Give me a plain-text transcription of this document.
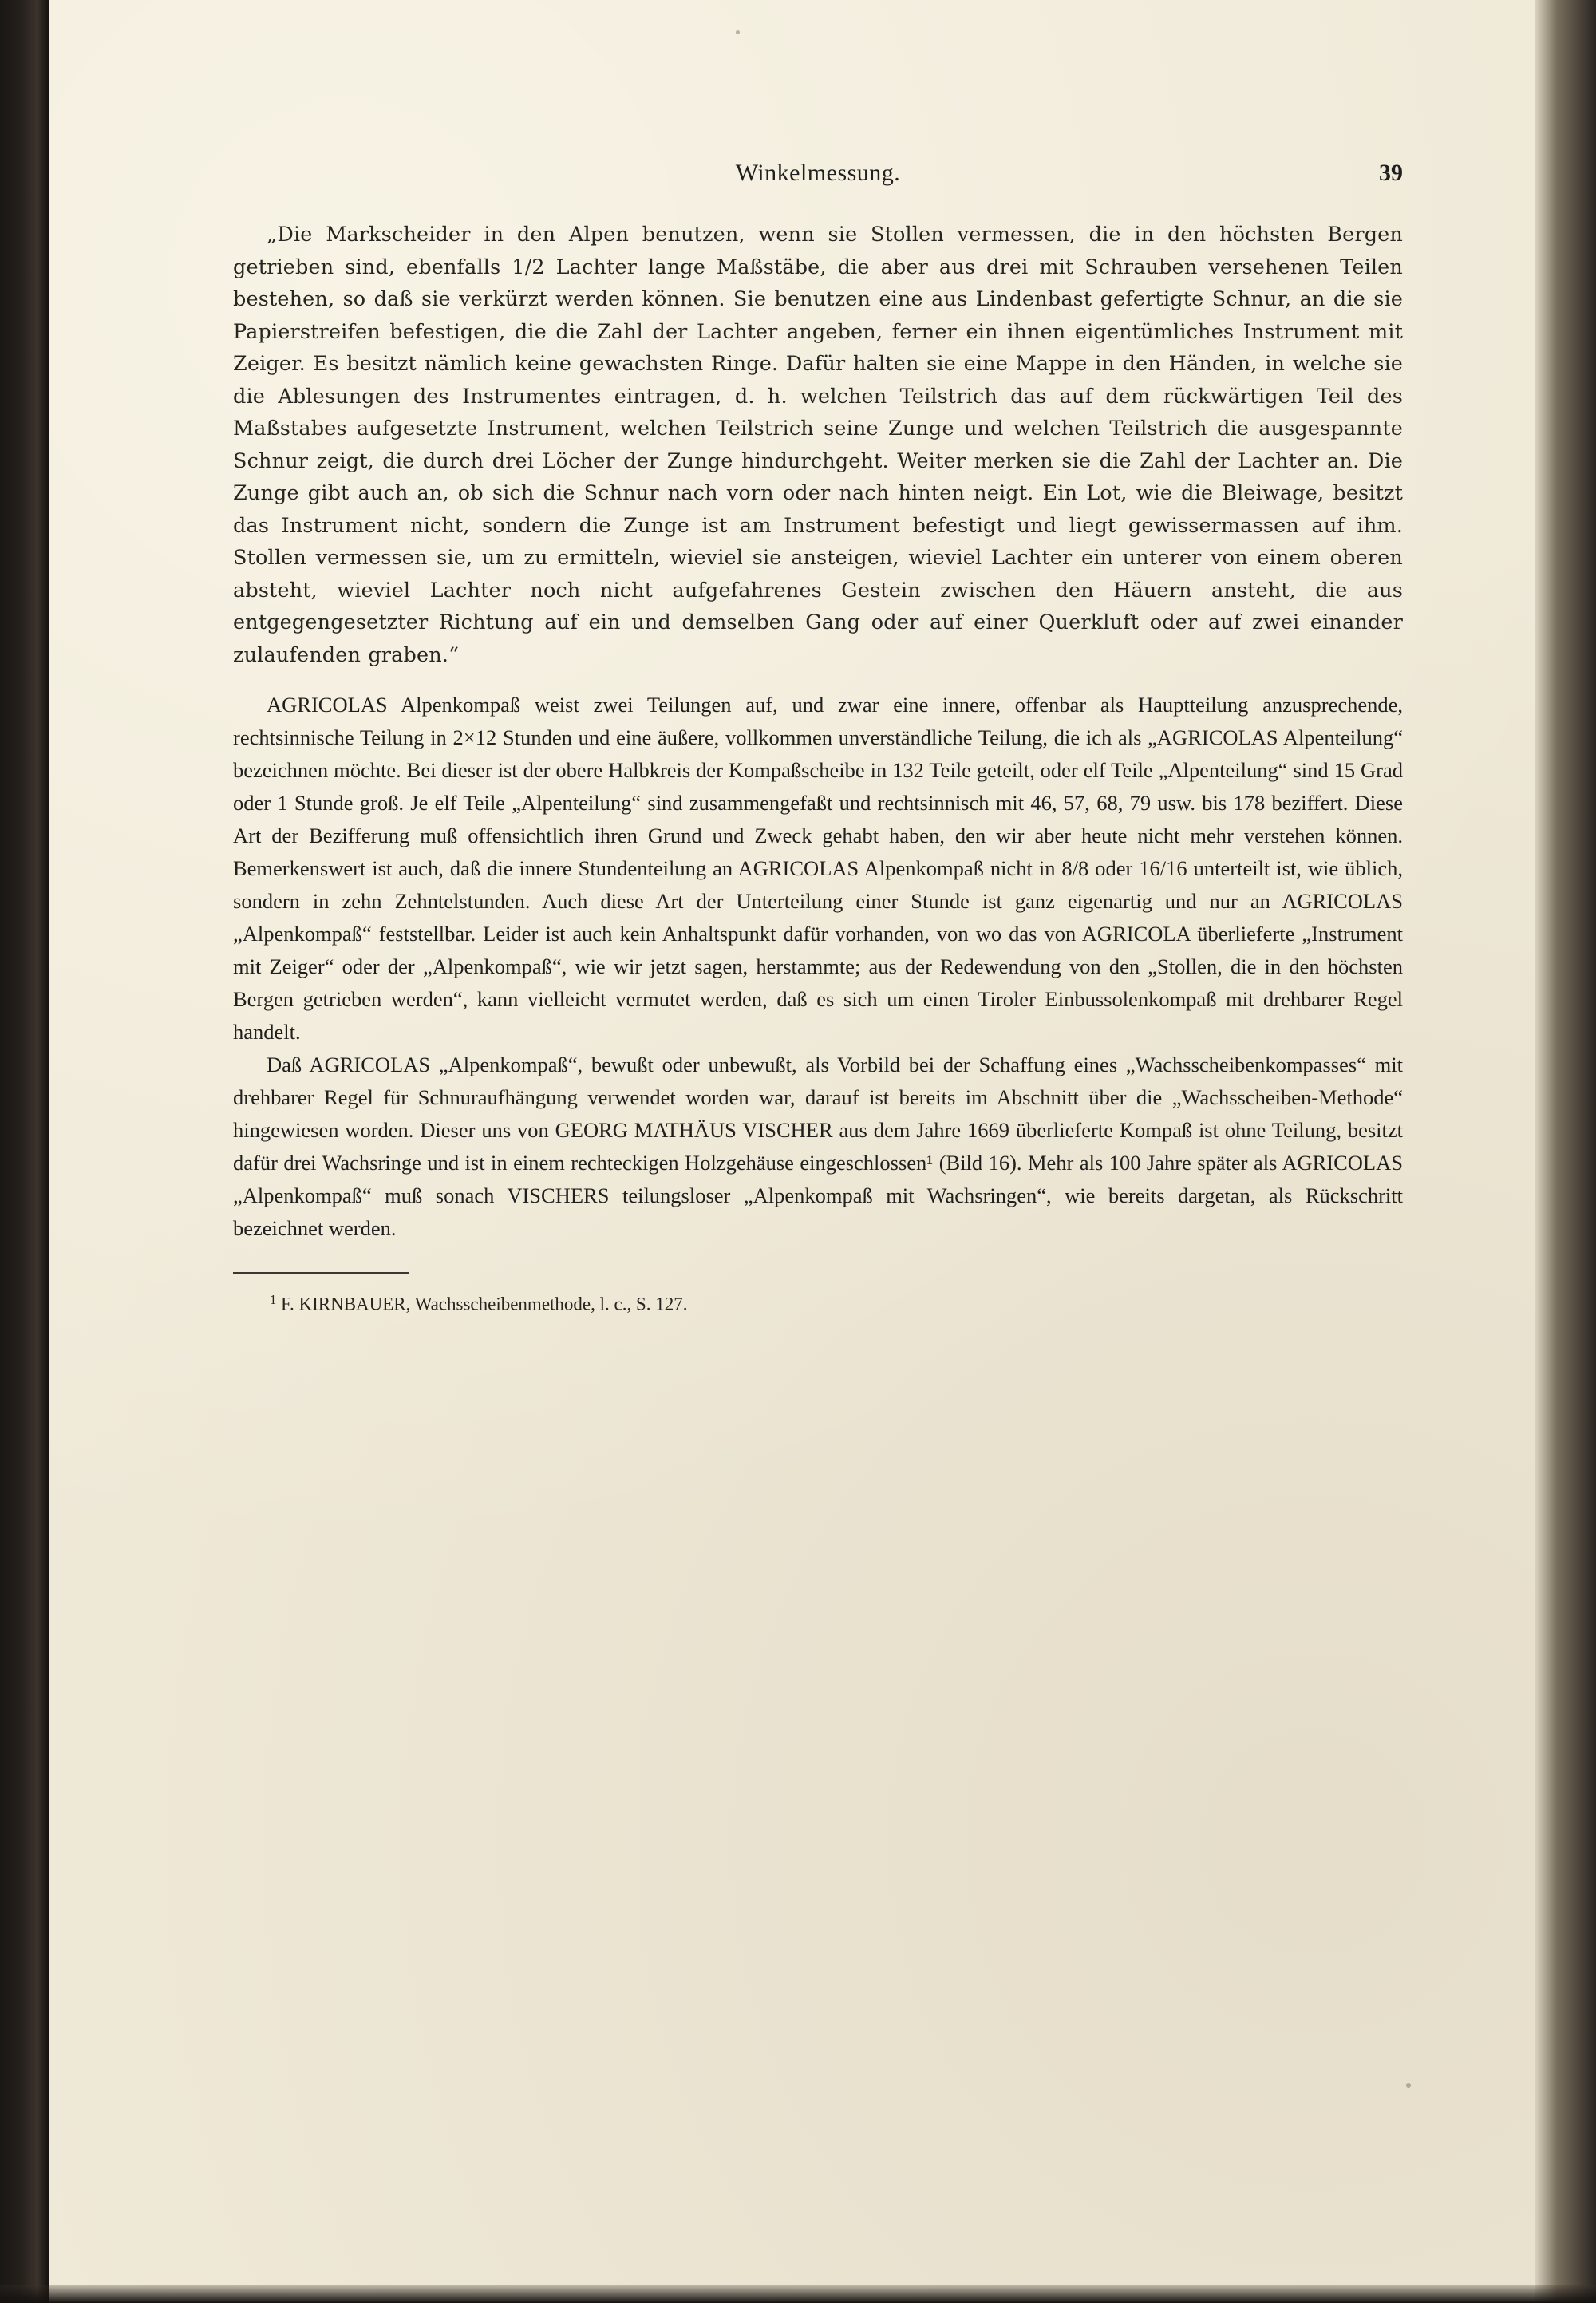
Winkelmessung.	39
„Die Markscheider in den Alpen benutzen, wenn sie Stollen vermessen, die in den höchsten Bergen getrieben sind, ebenfalls 1/2 Lachter lange Maßstäbe, die aber aus drei mit Schrauben versehenen Teilen bestehen, so daß sie verkürzt werden können. Sie benutzen eine aus Lindenbast gefertigte Schnur, an die sie Papierstreifen befestigen, die die Zahl der Lachter angeben, ferner ein ihnen eigentümliches Instrument mit Zeiger. Es besitzt nämlich keine gewachsten Ringe. Dafür halten sie eine Mappe in den Händen, in welche sie die Ablesungen des Instrumentes eintragen, d. h. welchen Teilstrich das auf dem rückwärtigen Teil des Maßstabes aufgesetzte Instrument, welchen Teilstrich seine Zunge und welchen Teilstrich die ausgespannte Schnur zeigt, die durch drei Löcher der Zunge hindurchgeht. Weiter merken sie die Zahl der Lachter an. Die Zunge gibt auch an, ob sich die Schnur nach vorn oder nach hinten neigt. Ein Lot, wie die Bleiwage, besitzt das Instrument nicht, sondern die Zunge ist am Instrument befestigt und liegt gewissermassen auf ihm. Stollen vermessen sie, um zu ermitteln, wieviel sie ansteigen, wieviel Lachter ein unterer von einem oberen absteht, wieviel Lachter noch nicht aufgefahrenes Gestein zwischen den Häuern ansteht, die aus entgegengesetzter Richtung auf ein und demselben Gang oder auf einer Querkluft oder auf zwei einander zulaufenden graben.“

AGRICOLAS Alpenkompaß weist zwei Teilungen auf, und zwar eine innere, offenbar als Hauptteilung anzusprechende, rechtsinnische Teilung in 2×12 Stunden und eine äußere, vollkommen unverständliche Teilung, die ich als „AGRICOLAS Alpenteilung“ bezeichnen möchte. Bei dieser ist der obere Halbkreis der Kompaßscheibe in 132 Teile geteilt, oder elf Teile „Alpenteilung“ sind 15 Grad oder 1 Stunde groß. Je elf Teile „Alpenteilung“ sind zusammengefaßt und rechtsinnisch mit 46, 57, 68, 79 usw. bis 178 beziffert. Diese Art der Bezifferung muß offensichtlich ihren Grund und Zweck gehabt haben, den wir aber heute nicht mehr verstehen können. Bemerkenswert ist auch, daß die innere Stundenteilung an AGRICOLAS Alpenkompaß nicht in 8/8 oder 16/16 unterteilt ist, wie üblich, sondern in zehn Zehntelstunden. Auch diese Art der Unterteilung einer Stunde ist ganz eigenartig und nur an AGRICOLAS „Alpenkompaß“ feststellbar. Leider ist auch kein Anhaltspunkt dafür vorhanden, von wo das von AGRICOLA überlieferte „Instrument mit Zeiger“ oder der „Alpenkompaß“, wie wir jetzt sagen, herstammte; aus der Redewendung von den „Stollen, die in den höchsten Bergen getrieben werden“, kann vielleicht vermutet werden, daß es sich um einen Tiroler Einbussolenkompaß mit drehbarer Regel handelt.

Daß AGRICOLAS „Alpenkompaß“, bewußt oder unbewußt, als Vorbild bei der Schaffung eines „Wachsscheibenkompasses“ mit drehbarer Regel für Schnuraufhängung verwendet worden war, darauf ist bereits im Abschnitt über die „Wachsscheiben-Methode“ hingewiesen worden. Dieser uns von GEORG MATHÄUS VISCHER aus dem Jahre 1669 überlieferte Kompaß ist ohne Teilung, besitzt dafür drei Wachsringe und ist in einem rechteckigen Holzgehäuse eingeschlossen¹ (Bild 16). Mehr als 100 Jahre später als AGRICOLAS „Alpenkompaß“ muß sonach VISCHERS teilungsloser „Alpenkompaß mit Wachsringen“, wie bereits dargetan, als Rückschritt bezeichnet werden.

$^1$ F. KIRNBAUER, Wachsscheibenmethode, l. c., S. 127.
